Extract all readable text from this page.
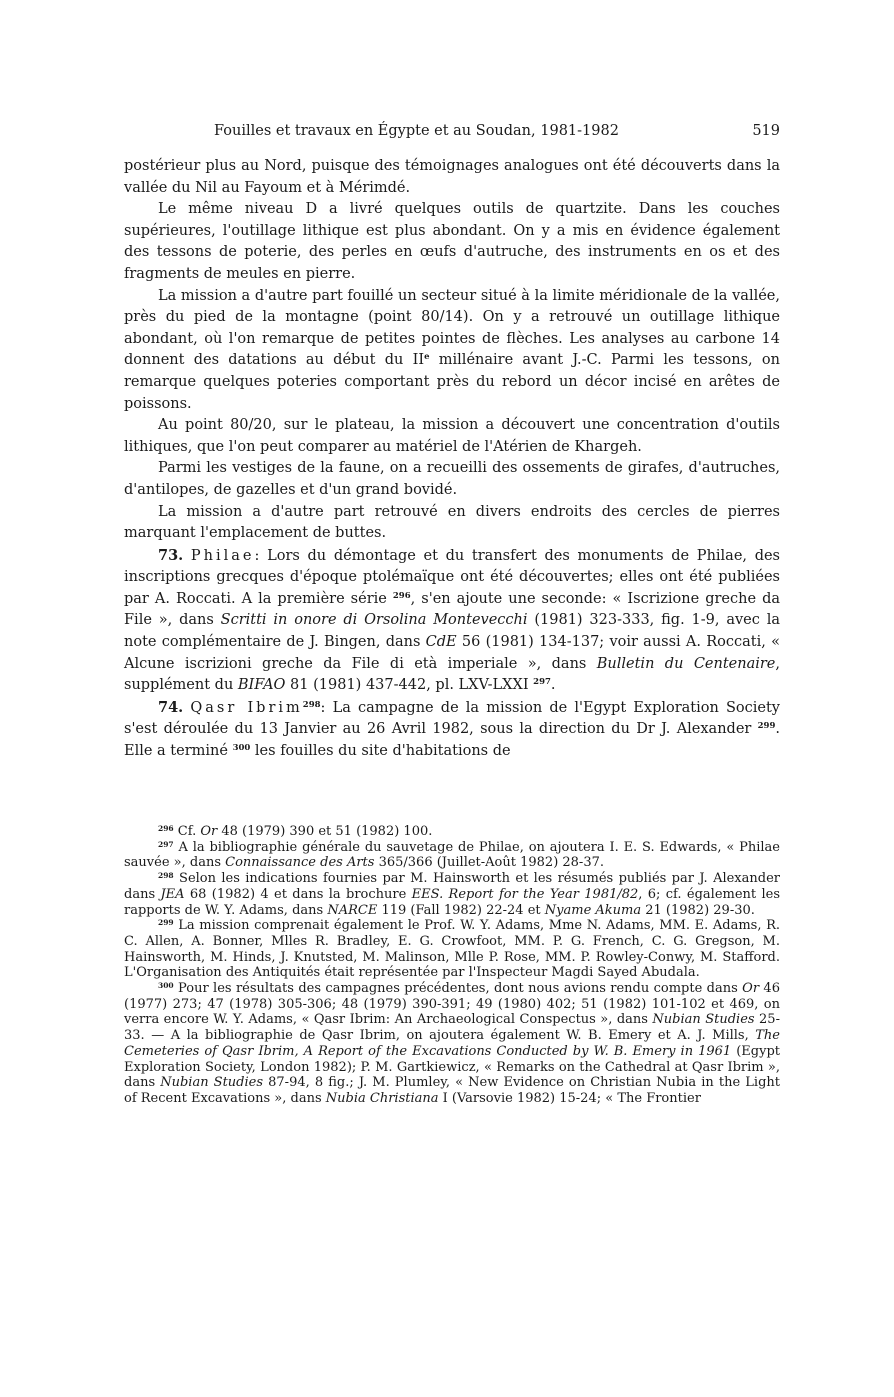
Fouilles et travaux en Égypte et au Soudan, 1981-1982	519

postérieur plus au Nord, puisque des témoignages analogues ont été découverts dans la vallée du Nil au Fayoum et à Mérimdé.

Le même niveau D a livré quelques outils de quartzite. Dans les couches supérieures, l'outillage lithique est plus abondant. On y a mis en évidence également des tessons de poterie, des perles en œufs d'autruche, des instruments en os et des fragments de meules en pierre.

La mission a d'autre part fouillé un secteur situé à la limite méridionale de la vallée, près du pied de la montagne (point 80/14). On y a retrouvé un outillage lithique abondant, où l'on remarque de petites pointes de flèches. Les analyses au carbone 14 donnent des datations au début du IIe millénaire avant J.-C. Parmi les tessons, on remarque quelques poteries comportant près du rebord un décor incisé en arêtes de poissons.

Au point 80/20, sur le plateau, la mission a découvert une concentration d'outils lithiques, que l'on peut comparer au matériel de l'Atérien de Khargeh.

Parmi les vestiges de la faune, on a recueilli des ossements de girafes, d'autruches, d'antilopes, de gazelles et d'un grand bovidé.

La mission a d'autre part retrouvé en divers endroits des cercles de pierres marquant l'emplacement de buttes.

73. Philae: Lors du démontage et du transfert des monuments de Philae, des inscriptions grecques d'époque ptolémaïque ont été découvertes; elles ont été publiées par A. Roccati. A la première série $^{296}$, s'en ajoute une seconde: « Iscrizione greche da File », dans Scritti in onore di Orsolina Montevecchi (1981) 323-333, fig. 1-9, avec la note complémentaire de J. Bingen, dans CdE 56 (1981) 134-137; voir aussi A. Roccati, « Alcune iscrizioni greche da File di età imperiale », dans Bulletin du Centenaire, supplément du BIFAO 81 (1981) 437-442, pl. LXV-LXXI $^{297}$.

74. Qasr Ibrim$^{298}$: La campagne de la mission de l'Egypt Exploration Society s'est déroulée du 13 Janvier au 26 Avril 1982, sous la direction du Dr J. Alexander $^{299}$. Elle a terminé $^{300}$ les fouilles du site d'habitations de

$^{296}$ Cf. Or 48 (1979) 390 et 51 (1982) 100.

$^{297}$ A la bibliographie générale du sauvetage de Philae, on ajoutera I. E. S. Edwards, « Philae sauvée », dans Connaissance des Arts 365/366 (Juillet-Août 1982) 28-37.

$^{298}$ Selon les indications fournies par M. Hainsworth et les résumés publiés par J. Alexander dans JEA 68 (1982) 4 et dans la brochure EES. Report for the Year 1981/82, 6; cf. également les rapports de W. Y. Adams, dans NARCE 119 (Fall 1982) 22-24 et Nyame Akuma 21 (1982) 29-30.

$^{299}$ La mission comprenait également le Prof. W. Y. Adams, Mme N. Adams, MM. E. Adams, R. C. Allen, A. Bonner, Mlles R. Bradley, E. G. Crowfoot, MM. P. G. French, C. G. Gregson, M. Hainsworth, M. Hinds, J. Knutsted, M. Malinson, Mlle P. Rose, MM. P. Rowley-Conwy, M. Stafford. L'Organisation des Antiquités était représentée par l'Inspecteur Magdi Sayed Abudala.

$^{300}$ Pour les résultats des campagnes précédentes, dont nous avions rendu compte dans Or 46 (1977) 273; 47 (1978) 305-306; 48 (1979) 390-391; 49 (1980) 402; 51 (1982) 101-102 et 469, on verra encore W. Y. Adams, « Qasr Ibrim: An Archaeological Conspectus », dans Nubian Studies 25-33. — A la bibliographie de Qasr Ibrim, on ajoutera également W. B. Emery et A. J. Mills, The Cemeteries of Qasr Ibrim, A Report of the Excavations Conducted by W. B. Emery in 1961 (Egypt Exploration Society, London 1982); P. M. Gartkiewicz, « Remarks on the Cathedral at Qasr Ibrim », dans Nubian Studies 87-94, 8 fig.; J. M. Plumley, « New Evidence on Christian Nubia in the Light of Recent Excavations », dans Nubia Christiana I (Varsovie 1982) 15-24; « The Frontier
